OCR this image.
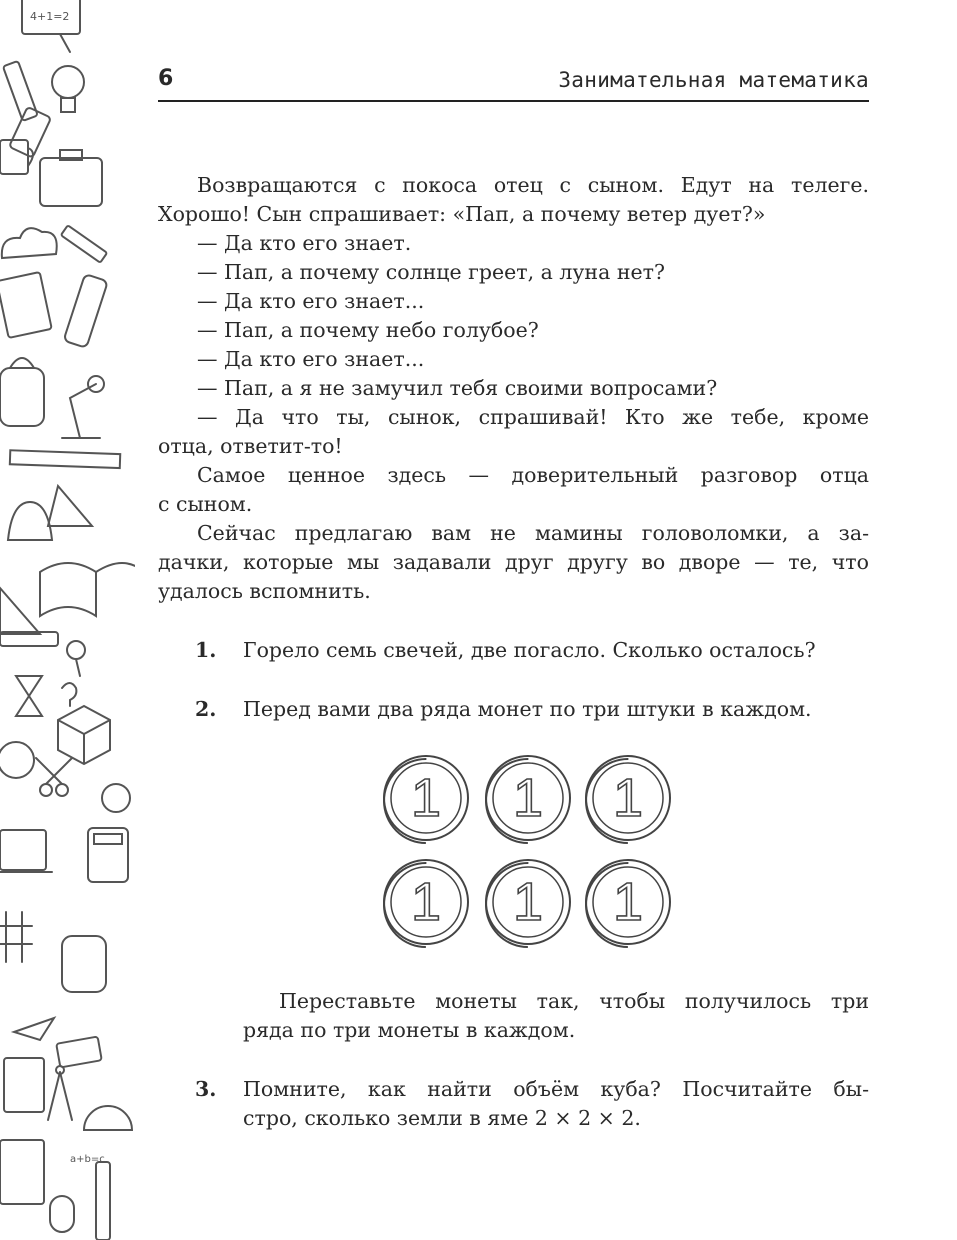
4+1=2
a+b=c
6	Занимательная математика
Возвращаются с покоса отец с сыном. Едут на телеге.
Хорошо! Сын спрашивает: «Пап, а почему ветер дует?»
— Да кто его знает.
— Пап, а почему солнце греет, а луна нет?
— Да кто его знает...
— Пап, а почему небо голубое?
— Да кто его знает...
— Пап, а я не замучил тебя своими вопросами?
— Да что ты, сынок, спрашивай! Кто же тебе, кроме
отца, ответит-то!
Самое ценное здесь — доверительный разговор отца
с сыном.
Сейчас предлагаю вам не мамины головоломки, а за-
дачки, которые мы задавали друг другу во дворе — те, что
удалось вспомнить.
1. Горело семь свечей, две погасло. Сколько осталось?
2. Перед вами два ряда монет по три штуки в каждом.
1 1 1
1 1 1
Переставьте монеты так, чтобы получилось три
ряда по три монеты в каждом.
3. Помните, как найти объём куба? Посчитайте бы-
стро, сколько земли в яме 2 × 2 × 2.
